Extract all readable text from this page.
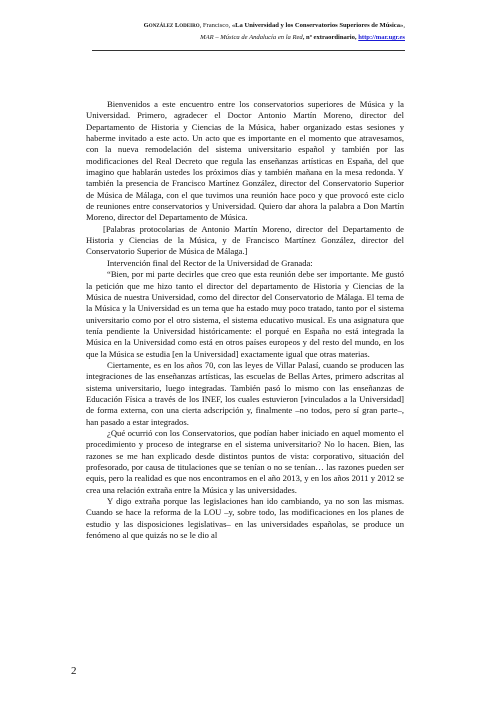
González Lodeiro, Francisco, «La Universidad y los Conservatorios Superiores de Música»,
MAR – Música de Andalucía en la Red, nº extraordinario, http://mar.ugr.es

Bienvenidos a este encuentro entre los conservatorios superiores de Música y la Universidad. Primero, agradecer el Doctor Antonio Martín Moreno, director del Departamento de Historia y Ciencias de la Música, haber organizado estas sesiones y haberme invitado a este acto. Un acto que es importante en el momento que atravesamos, con la nueva remodelación del sistema universitario español y también por las modificaciones del Real Decreto que regula las enseñanzas artísticas en España, del que imagino que hablarán ustedes los próximos días y también mañana en la mesa redonda. Y también la presencia de Francisco Martínez González, director del Conservatorio Superior de Música de Málaga, con el que tuvimos una reunión hace poco y que provocó este ciclo de reuniones entre conservatorios y Universidad. Quiero dar ahora la palabra a Don Martín Moreno, director del Departamento de Música.

[Palabras protocolarias de Antonio Martín Moreno, director del Departamento de Historia y Ciencias de la Música, y de Francisco Martínez González, director del Conservatorio Superior de Música de Málaga.]

Intervención final del Rector de la Universidad de Granada:

“Bien, por mi parte decirles que creo que esta reunión debe ser importante. Me gustó la petición que me hizo tanto el director del departamento de Historia y Ciencias de la Música de nuestra Universidad, como del director del Conservatorio de Málaga. El tema de la Música y la Universidad es un tema que ha estado muy poco tratado, tanto por el sistema universitario como por el otro sistema, el sistema educativo musical. Es una asignatura que tenía pendiente la Universidad históricamente: el porqué en España no está integrada la Música en la Universidad como está en otros países europeos y del resto del mundo, en los que la Música se estudia [en la Universidad] exactamente igual que otras materias.

Ciertamente, es en los años 70, con las leyes de Villar Palasí, cuando se producen las integraciones de las enseñanzas artísticas, las escuelas de Bellas Artes, primero adscritas al sistema universitario, luego integradas. También pasó lo mismo con las enseñanzas de Educación Física a través de los INEF, los cuales estuvieron [vinculados a la Universidad] de forma externa, con una cierta adscripción y, finalmente –no todos, pero sí gran parte–, han pasado a estar integrados.

¿Qué ocurrió con los Conservatorios, que podían haber iniciado en aquel momento el procedimiento y proceso de integrarse en el sistema universitario? No lo hacen. Bien, las razones se me han explicado desde distintos puntos de vista: corporativo, situación del profesorado, por causa de titulaciones que se tenían o no se tenían… las razones pueden ser equis, pero la realidad es que nos encontramos en el año 2013, y en los años 2011 y 2012 se crea una relación extraña entre la Música y las universidades.

Y digo extraña porque las legislaciones han ido cambiando, ya no son las mismas. Cuando se hace la reforma de la LOU –y, sobre todo, las modificaciones en los planes de estudio y las disposiciones legislativas– en las universidades españolas, se produce un fenómeno al que quizás no se le dio al

2
